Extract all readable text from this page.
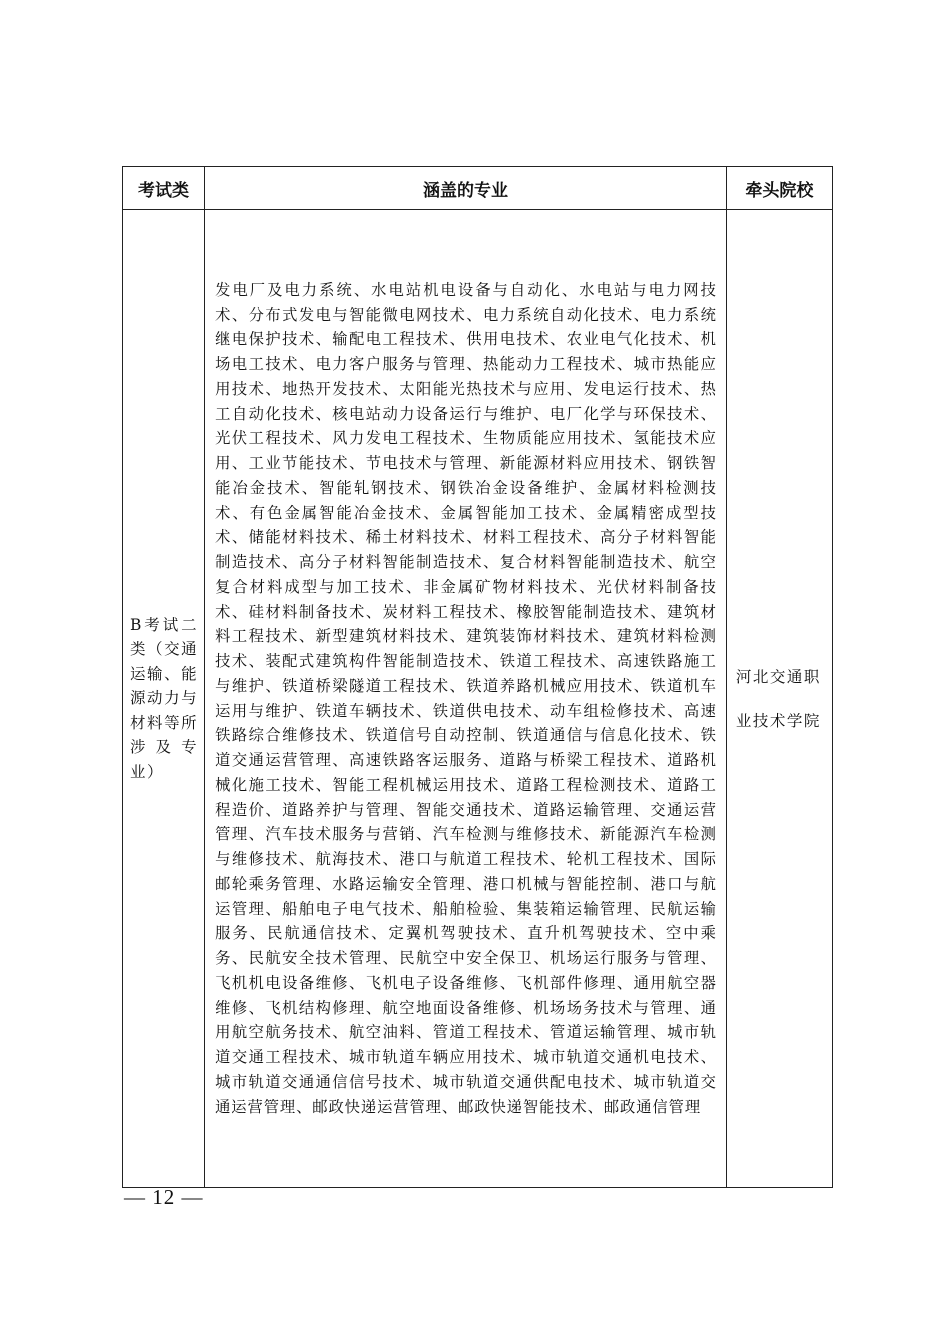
考试类	涵盖的专业	牵头院校
B考试二类（交通运输、能源动力与材料等所涉及专业）	发电厂及电力系统、水电站机电设备与自动化、水电站与电力网技术、分布式发电与智能微电网技术、电力系统自动化技术、电力系统继电保护技术、输配电工程技术、供用电技术、农业电气化技术、机场电工技术、电力客户服务与管理、热能动力工程技术、城市热能应用技术、地热开发技术、太阳能光热技术与应用、发电运行技术、热工自动化技术、核电站动力设备运行与维护、电厂化学与环保技术、光伏工程技术、风力发电工程技术、生物质能应用技术、氢能技术应用、工业节能技术、节电技术与管理、新能源材料应用技术、钢铁智能冶金技术、智能轧钢技术、钢铁冶金设备维护、金属材料检测技术、有色金属智能冶金技术、金属智能加工技术、金属精密成型技术、储能材料技术、稀土材料技术、材料工程技术、高分子材料智能制造技术、高分子材料智能制造技术、复合材料智能制造技术、航空复合材料成型与加工技术、非金属矿物材料技术、光伏材料制备技术、硅材料制备技术、炭材料工程技术、橡胶智能制造技术、建筑材料工程技术、新型建筑材料技术、建筑装饰材料技术、建筑材料检测技术、装配式建筑构件智能制造技术、铁道工程技术、高速铁路施工与维护、铁道桥梁隧道工程技术、铁道养路机械应用技术、铁道机车运用与维护、铁道车辆技术、铁道供电技术、动车组检修技术、高速铁路综合维修技术、铁道信号自动控制、铁道通信与信息化技术、铁道交通运营管理、高速铁路客运服务、道路与桥梁工程技术、道路机械化施工技术、智能工程机械运用技术、道路工程检测技术、道路工程造价、道路养护与管理、智能交通技术、道路运输管理、交通运营管理、汽车技术服务与营销、汽车检测与维修技术、新能源汽车检测与维修技术、航海技术、港口与航道工程技术、轮机工程技术、国际邮轮乘务管理、水路运输安全管理、港口机械与智能控制、港口与航运管理、船舶电子电气技术、船舶检验、集装箱运输管理、民航运输服务、民航通信技术、定翼机驾驶技术、直升机驾驶技术、空中乘务、民航安全技术管理、民航空中安全保卫、机场运行服务与管理、飞机机电设备维修、飞机电子设备维修、飞机部件修理、通用航空器维修、飞机结构修理、航空地面设备维修、机场场务技术与管理、通用航空航务技术、航空油料、管道工程技术、管道运输管理、城市轨道交通工程技术、城市轨道车辆应用技术、城市轨道交通机电技术、城市轨道交通通信信号技术、城市轨道交通供配电技术、城市轨道交通运营管理、邮政快递运营管理、邮政快递智能技术、邮政通信管理	河北交通职业技术学院
— 12 —
